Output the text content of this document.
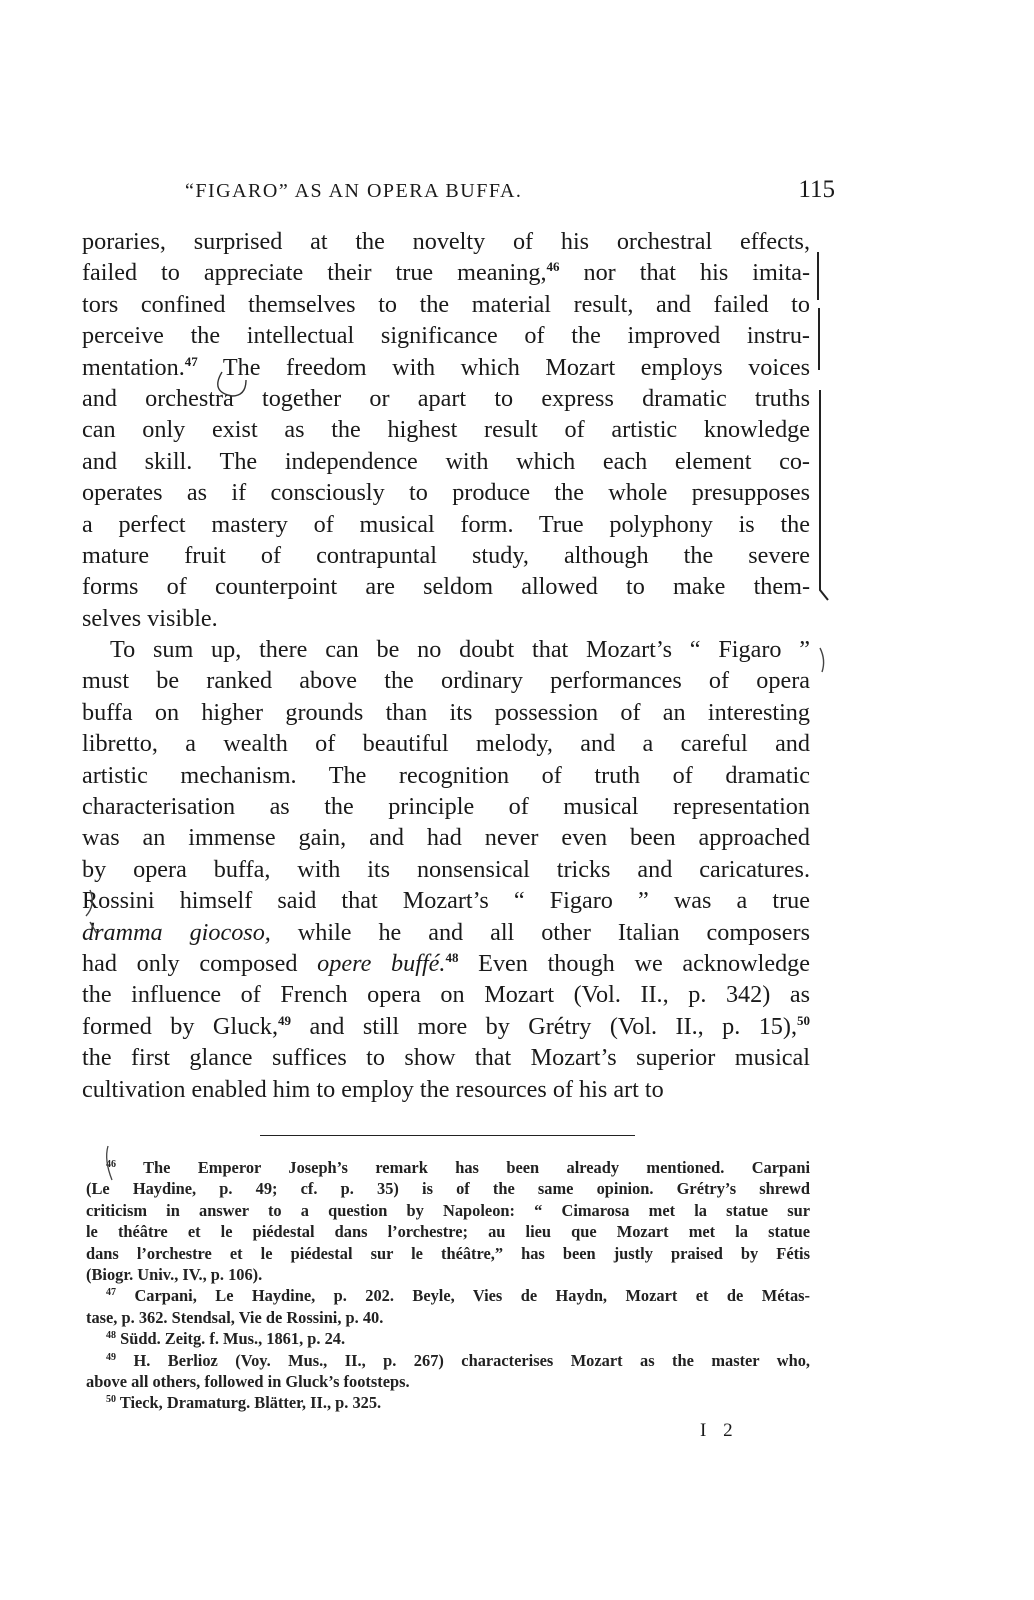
“FIGARO” AS AN OPERA BUFFA.	115
poraries, surprised at the novelty of his orchestral effects,
failed to appreciate their true meaning,$^{46}$ nor that his imita-
tors confined themselves to the material result, and failed to
perceive the intellectual significance of the improved instru-
mentation.$^{47}$ The freedom with which Mozart employs voices
and orchestra together or apart to express dramatic truths
can only exist as the highest result of artistic knowledge
and skill. The independence with which each element co-
operates as if consciously to produce the whole presupposes
a perfect mastery of musical form. True polyphony is the
mature fruit of contrapuntal study, although the severe
forms of counterpoint are seldom allowed to make them-
selves visible.
To sum up, there can be no doubt that Mozart’s “ Figaro ”
must be ranked above the ordinary performances of opera
buffa on higher grounds than its possession of an interesting
libretto, a wealth of beautiful melody, and a careful and
artistic mechanism. The recognition of truth of dramatic
characterisation as the principle of musical representation
was an immense gain, and had never even been approached
by opera buffa, with its nonsensical tricks and caricatures.
Rossini himself said that Mozart’s “ Figaro ” was a true
dramma giocoso, while he and all other Italian composers
had only composed opere buffé.$^{48}$ Even though we acknowledge
the influence of French opera on Mozart (Vol. II., p. 342) as
formed by Gluck,$^{49}$ and still more by Grétry (Vol. II., p. 15),$^{50}$
the first glance suffices to show that Mozart’s superior musical
cultivation enabled him to employ the resources of his art to
$^{46}$ The Emperor Joseph’s remark has been already mentioned. Carpani
(Le Haydine, p. 49; cf. p. 35) is of the same opinion. Grétry’s shrewd
criticism in answer to a question by Napoleon: “ Cimarosa met la statue sur
le théâtre et le piédestal dans l’orchestre; au lieu que Mozart met la statue
dans l’orchestre et le piédestal sur le théâtre,” has been justly praised by Fétis
(Biogr. Univ., IV., p. 106).
$^{47}$ Carpani, Le Haydine, p. 202. Beyle, Vies de Haydn, Mozart et de Métas-
tase, p. 362. Stendsal, Vie de Rossini, p. 40.
$^{48}$ Südd. Zeitg. f. Mus., 1861, p. 24.
$^{49}$ H. Berlioz (Voy. Mus., II., p. 267) characterises Mozart as the master who,
above all others, followed in Gluck’s footsteps.
$^{50}$ Tieck, Dramaturg. Blätter, II., p. 325.
I 2
